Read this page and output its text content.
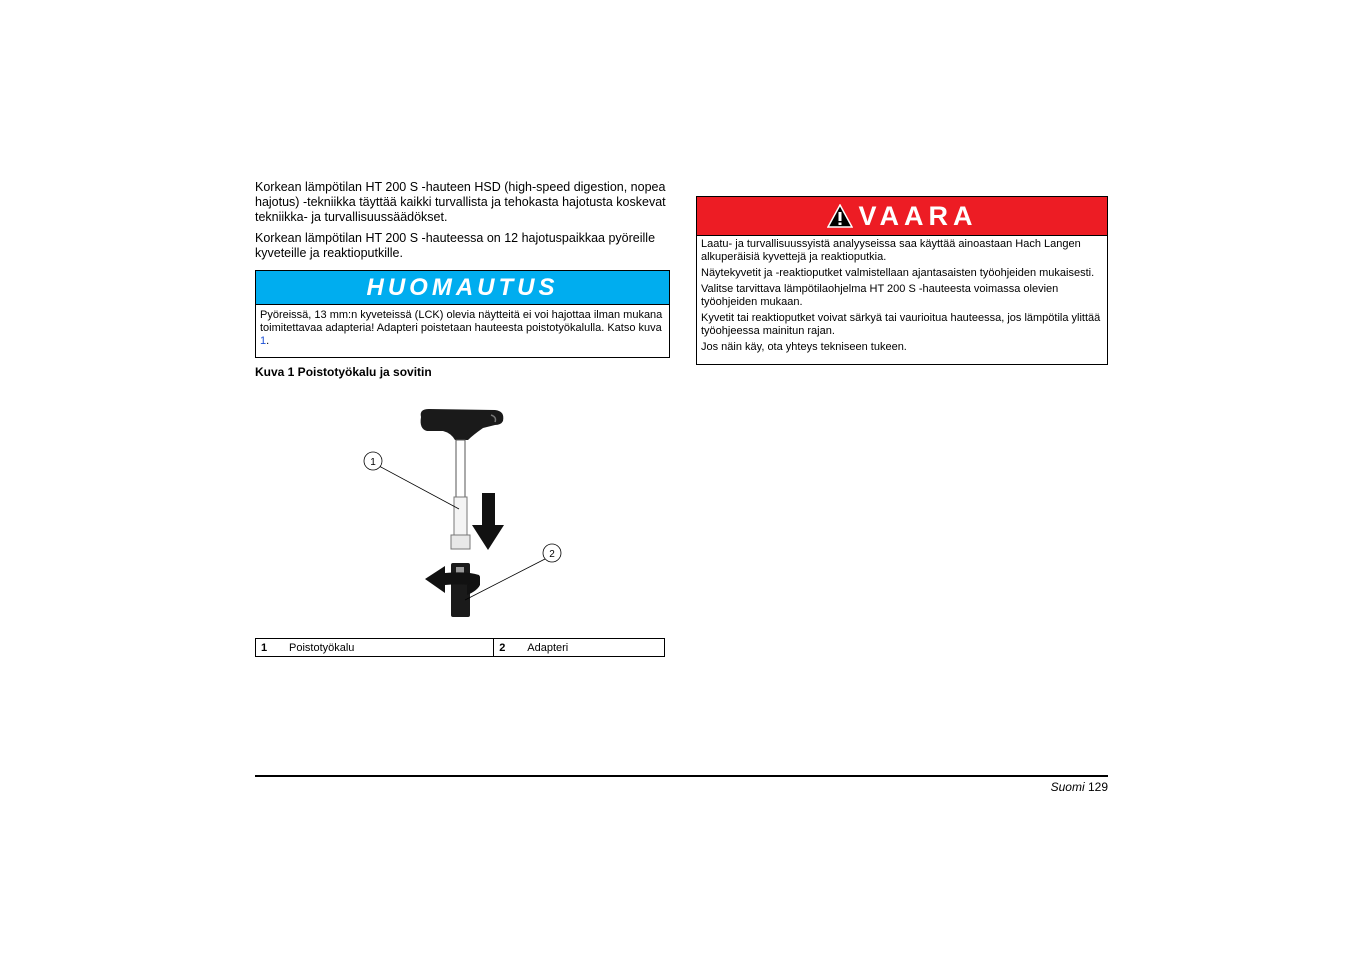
Korkean lämpötilan HT 200 S -hauteen HSD (high-speed digestion, nopea hajotus) -tekniikka täyttää kaikki turvallista ja tehokasta hajotusta koskevat tekniikka- ja turvallisuussäädökset.

Korkean lämpötilan HT 200 S -hauteessa on 12 hajotuspaikkaa pyöreille kyveteille ja reaktioputkille.

HUOMAUTUS
Pyöreissä, 13 mm:n kyveteissä (LCK) olevia näytteitä ei voi hajottaa ilman mukana toimitettavaa adapteria! Adapteri poistetaan hauteesta poistotyökalulla. Katso kuva 1.

Kuva 1 Poistotyökalu ja sovitin

1
2
1	Poistotyökalu	2	Adapteri
VAARA

Laatu- ja turvallisuussyistä analyyseissa saa käyttää ainoastaan Hach Langen alkuperäisiä kyvettejä ja reaktioputkia.

Näytekyvetit ja -reaktioputket valmistellaan ajantasaisten työohjeiden mukaisesti.

Valitse tarvittava lämpötilaohjelma HT 200 S -hauteesta voimassa olevien työohjeiden mukaan.

Kyvetit tai reaktioputket voivat särkyä tai vaurioitua hauteessa, jos lämpötila ylittää työohjeessa mainitun rajan.

Jos näin käy, ota yhteys tekniseen tukeen.

Suomi 129
